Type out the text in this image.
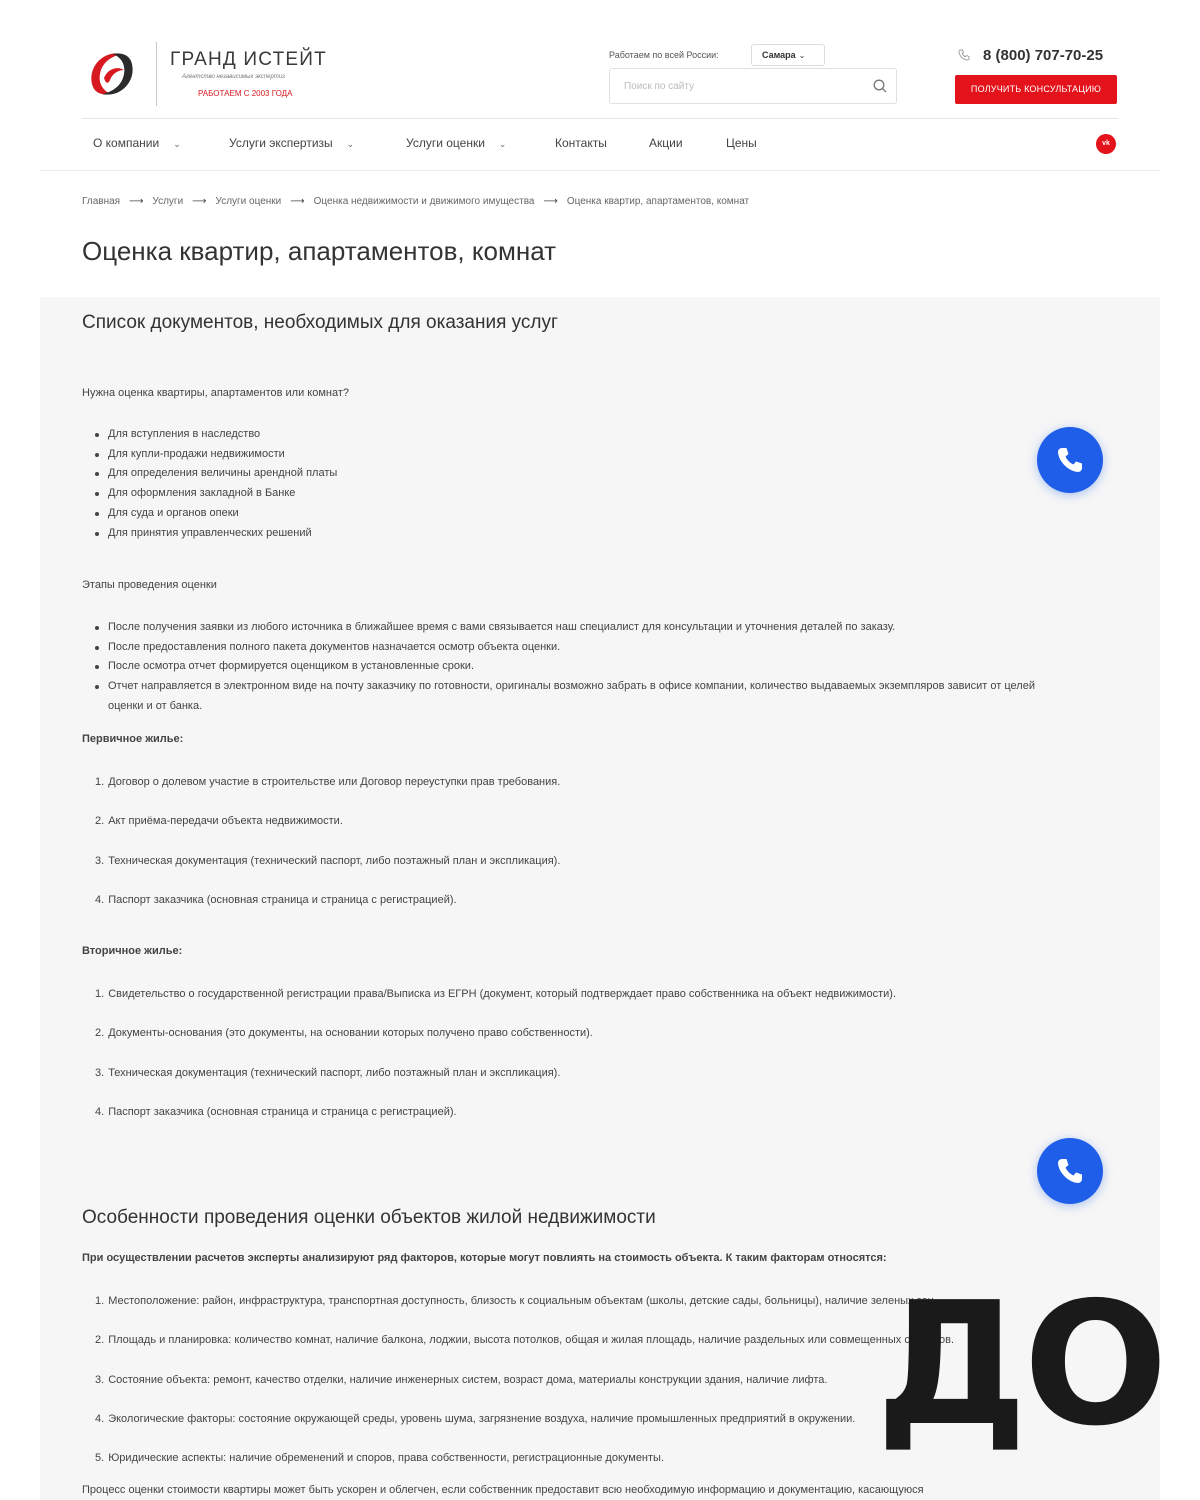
ГРАНД ИСТЕЙТ
Агентство независимых экспертиз
РАБОТАЕМ С 2003 ГОДА
Работаем по всей России:	Самара ⌄
Поиск по сайту	8 (800) 707-70-25
ПОЛУЧИТЬ КОНСУЛЬТАЦИЮ
О компании ⌄	Услуги экспертизы ⌄	Услуги оценки ⌄	Контакты	Акции	Цены	vk
Главная ⟶ Услуги ⟶ Услуги оценки ⟶ Оценка недвижимости и движимого имущества ⟶ Оценка квартир, апартаментов, комнат
Оценка квартир, апартаментов, комнат
Список документов, необходимых для оказания услуг
Нужна оценка квартиры, апартаментов или комнат?
Для вступления в наследство
Для купли-продажи недвижимости
Для определения величины арендной платы
Для оформления закладной в Банке
Для суда и органов опеки
Для принятия управленческих решений
Этапы проведения оценки
После получения заявки из любого источника в ближайшее время с вами связывается наш специалист для консультации и уточнения деталей по заказу.
После предоставления полного пакета документов назначается осмотр объекта оценки.
После осмотра отчет формируется оценщиком в установленные сроки.
Отчет направляется в электронном виде на почту заказчику по готовности, оригиналы возможно забрать в офисе компании, количество выдаваемых экземпляров зависит от целей оценки и от банка.
Первичное жилье:
1. Договор о долевом участие в строительстве или Договор переуступки прав требования.
2. Акт приёма-передачи объекта недвижимости.
3. Техническая документация (технический паспорт, либо поэтажный план и экспликация).
4. Паспорт заказчика (основная страница и страница с регистрацией).
Вторичное жилье:
1. Свидетельство о государственной регистрации права/Выписка из ЕГРН (документ, который подтверждает право собственника на объект недвижимости).
2. Документы-основания (это документы, на основании которых получено право собственности).
3. Техническая документация (технический паспорт, либо поэтажный план и экспликация).
4. Паспорт заказчика (основная страница и страница с регистрацией).
Особенности проведения оценки объектов жилой недвижимости
При осуществлении расчетов эксперты анализируют ряд факторов, которые могут повлиять на стоимость объекта. К таким факторам относятся:
1. Местоположение: район, инфраструктура, транспортная доступность, близость к социальным объектам (школы, детские сады, больницы), наличие зеленых зон.
2. Площадь и планировка: количество комнат, наличие балкона, лоджии, высота потолков, общая и жилая площадь, наличие раздельных или совмещенных санузлов.
3. Состояние объекта: ремонт, качество отделки, наличие инженерных систем, возраст дома, материалы конструкции здания, наличие лифта.
4. Экологические факторы: состояние окружающей среды, уровень шума, загрязнение воздуха, наличие промышленных предприятий в окружении.
5. Юридические аспекты: наличие обременений и споров, права собственности, регистрационные документы.
Процесс оценки стоимости квартиры может быть ускорен и облегчен, если собственник предоставит всю необходимую информацию и документацию, касающуюся
ДО
